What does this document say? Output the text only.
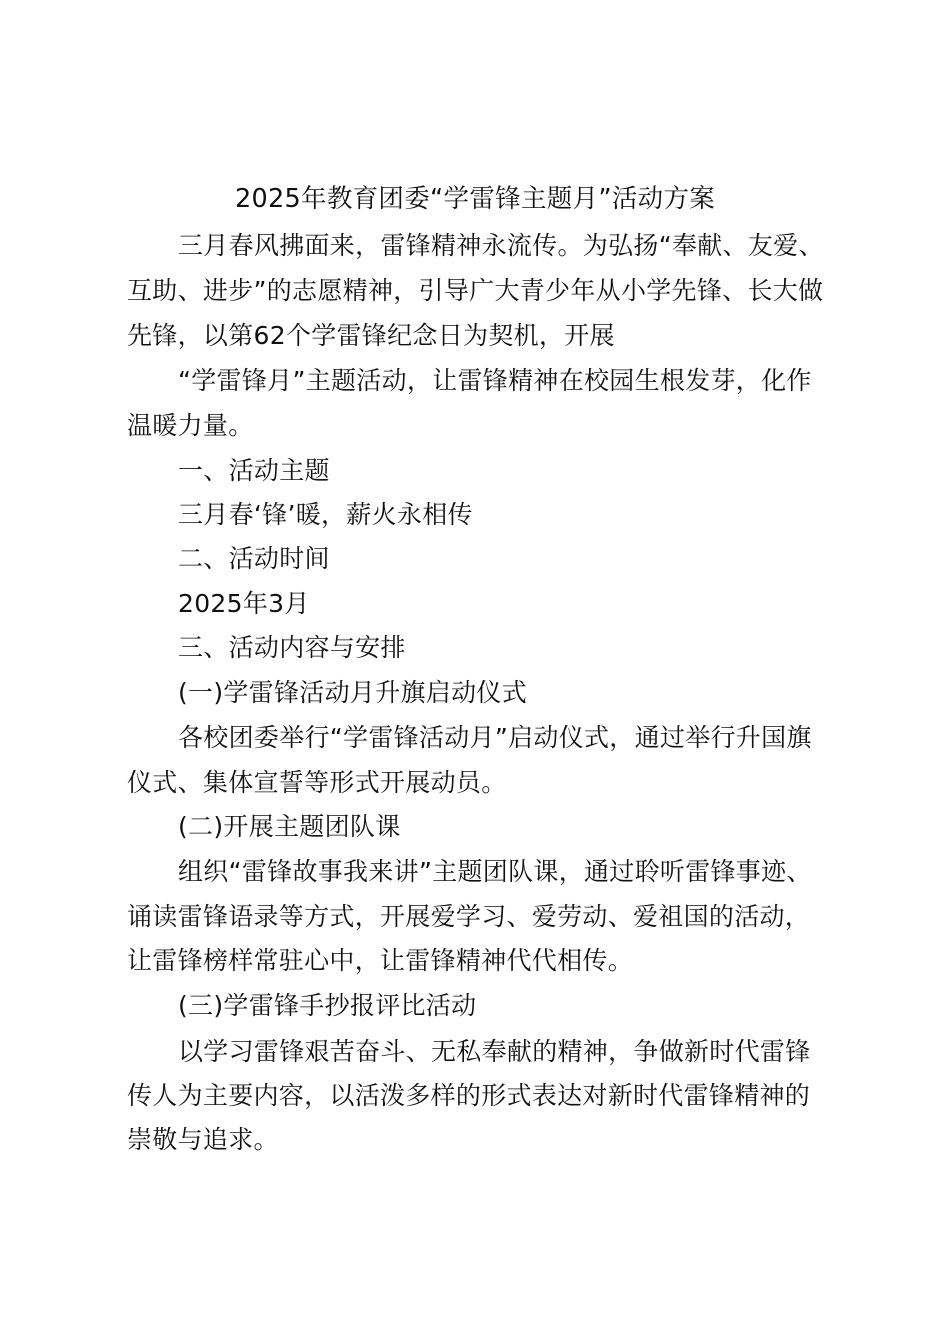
2025年教育团委“学雷锋主题月”活动方案
三月春风拂面来，雷锋精神永流传。为弘扬“奉献、友爱、
互助、进步”的志愿精神，引导广大青少年从小学先锋、长大做
先锋，以第62个学雷锋纪念日为契机，开展
“学雷锋月”主题活动，让雷锋精神在校园生根发芽，化作
温暖力量。
一、活动主题
三月春‘锋’暖，薪火永相传
二、活动时间
2025年3月
三、活动内容与安排
(一)学雷锋活动月升旗启动仪式
各校团委举行“学雷锋活动月”启动仪式，通过举行升国旗
仪式、集体宣誓等形式开展动员。
(二)开展主题团队课
组织“雷锋故事我来讲”主题团队课，通过聆听雷锋事迹、
诵读雷锋语录等方式，开展爱学习、爱劳动、爱祖国的活动，
让雷锋榜样常驻心中，让雷锋精神代代相传。
(三)学雷锋手抄报评比活动
以学习雷锋艰苦奋斗、无私奉献的精神，争做新时代雷锋
传人为主要内容，以活泼多样的形式表达对新时代雷锋精神的
崇敬与追求。
